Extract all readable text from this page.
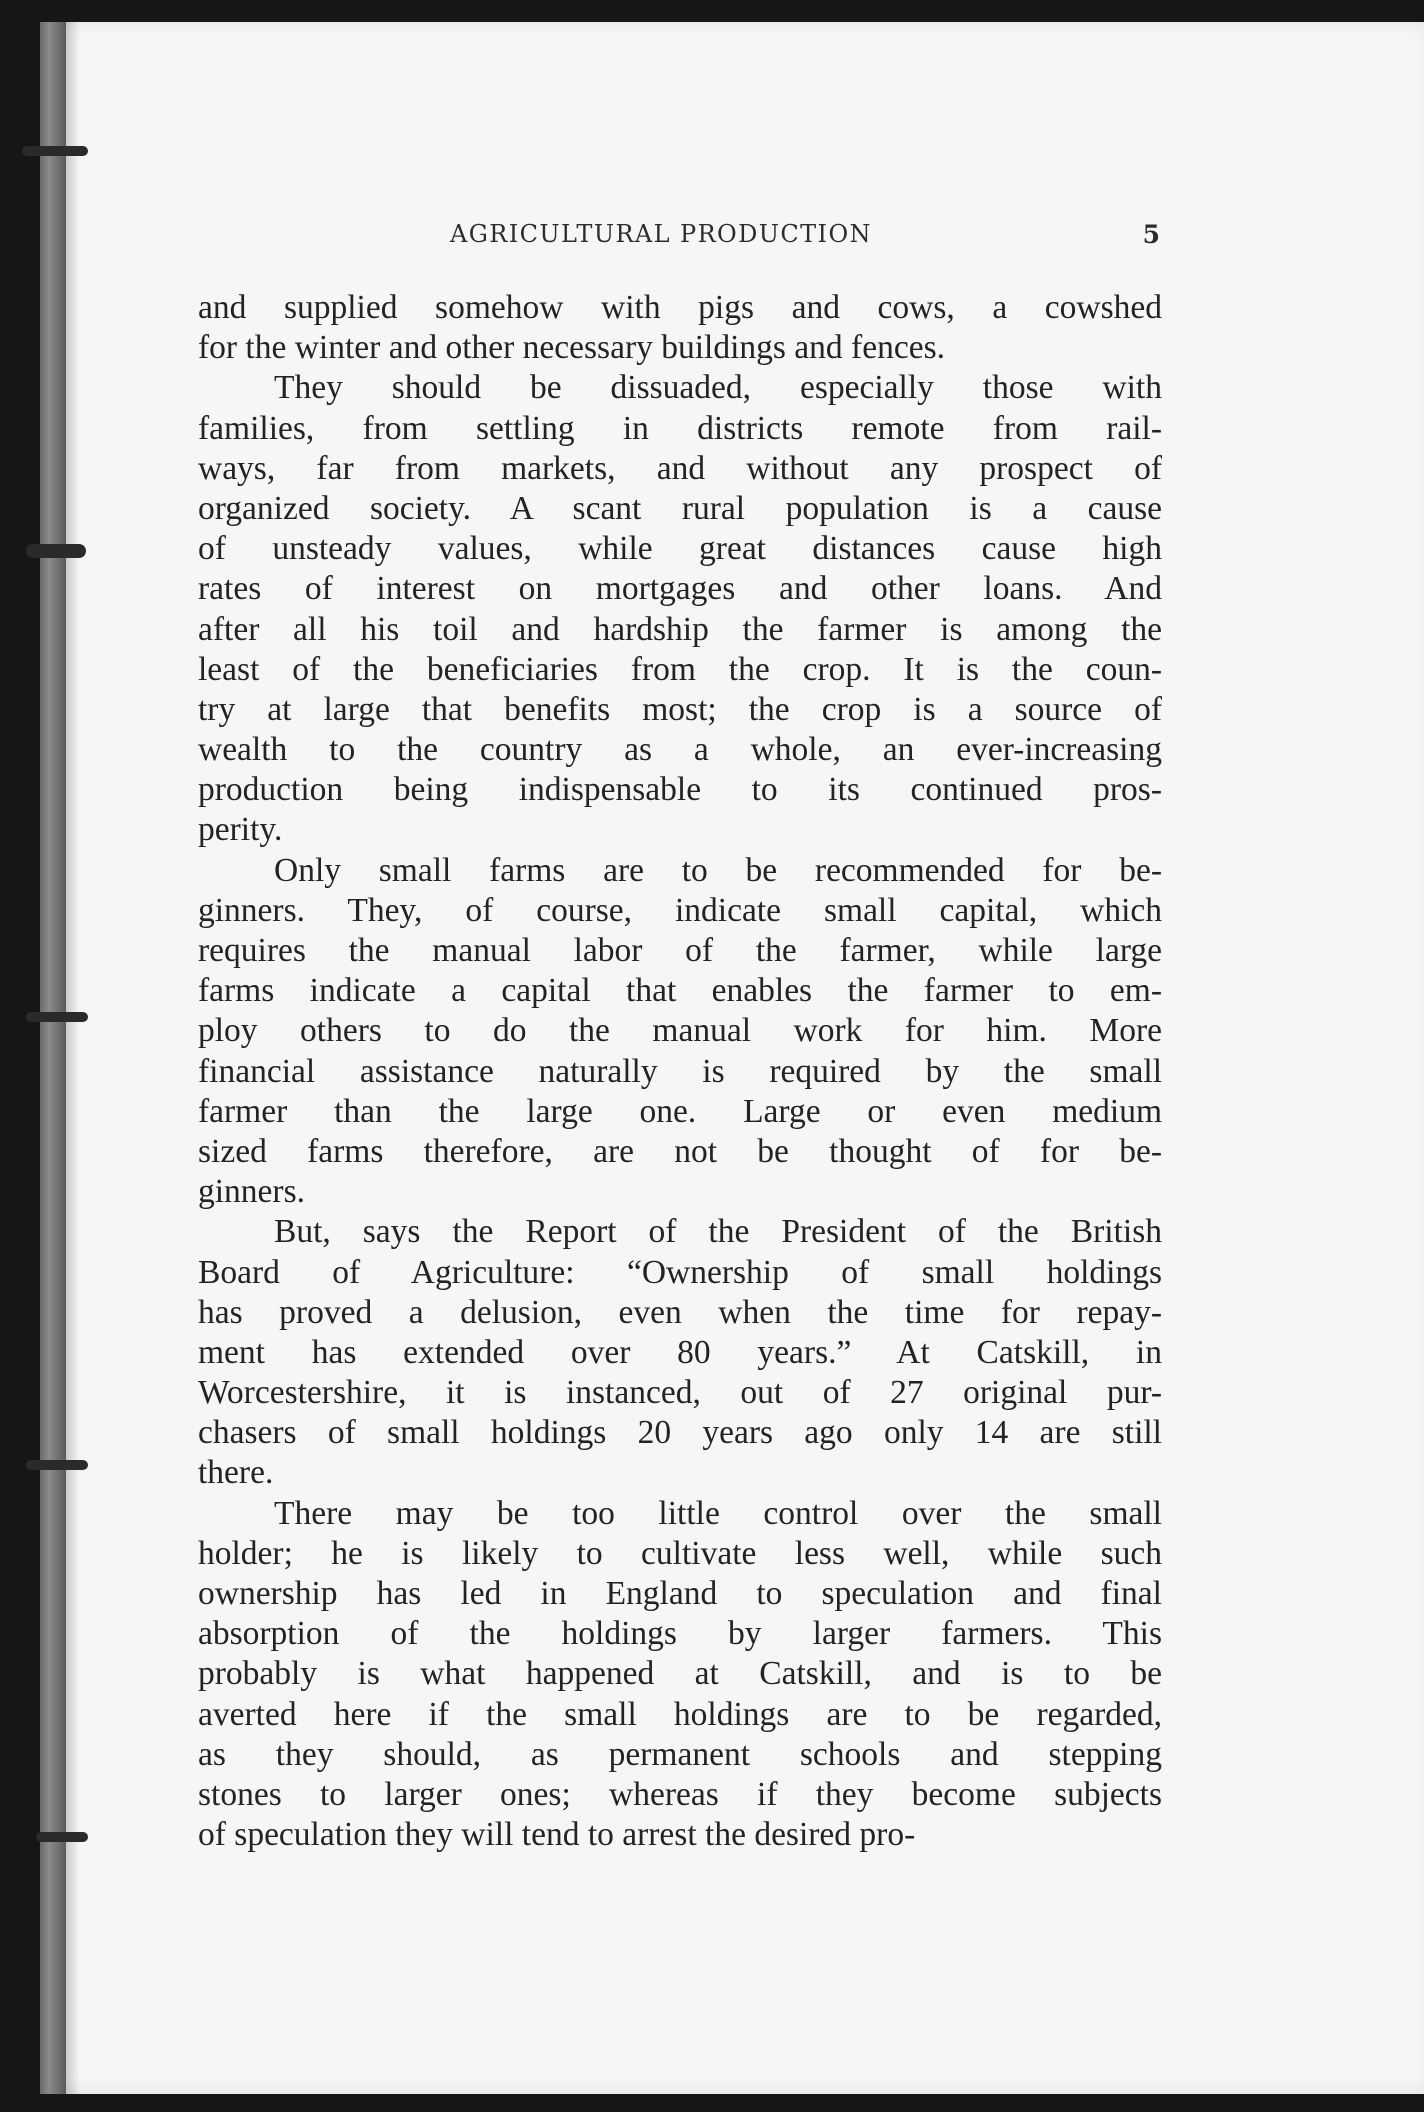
AGRICULTURAL PRODUCTION	5
and supplied somehow with pigs and cows, a cowshed
for the winter and other necessary buildings and fences.
They should be dissuaded, especially those with
families, from settling in districts remote from rail-
ways, far from markets, and without any prospect of
organized society. A scant rural population is a cause
of unsteady values, while great distances cause high
rates of interest on mortgages and other loans. And
after all his toil and hardship the farmer is among the
least of the beneficiaries from the crop. It is the coun-
try at large that benefits most; the crop is a source of
wealth to the country as a whole, an ever-increasing
production being indispensable to its continued pros-
perity.
Only small farms are to be recommended for be-
ginners. They, of course, indicate small capital, which
requires the manual labor of the farmer, while large
farms indicate a capital that enables the farmer to em-
ploy others to do the manual work for him. More
financial assistance naturally is required by the small
farmer than the large one. Large or even medium
sized farms therefore, are not be thought of for be-
ginners.
But, says the Report of the President of the British
Board of Agriculture: “Ownership of small holdings
has proved a delusion, even when the time for repay-
ment has extended over 80 years.” At Catskill, in
Worcestershire, it is instanced, out of 27 original pur-
chasers of small holdings 20 years ago only 14 are still
there.
There may be too little control over the small
holder; he is likely to cultivate less well, while such
ownership has led in England to speculation and final
absorption of the holdings by larger farmers. This
probably is what happened at Catskill, and is to be
averted here if the small holdings are to be regarded,
as they should, as permanent schools and stepping
stones to larger ones; whereas if they become subjects
of speculation they will tend to arrest the desired pro-
